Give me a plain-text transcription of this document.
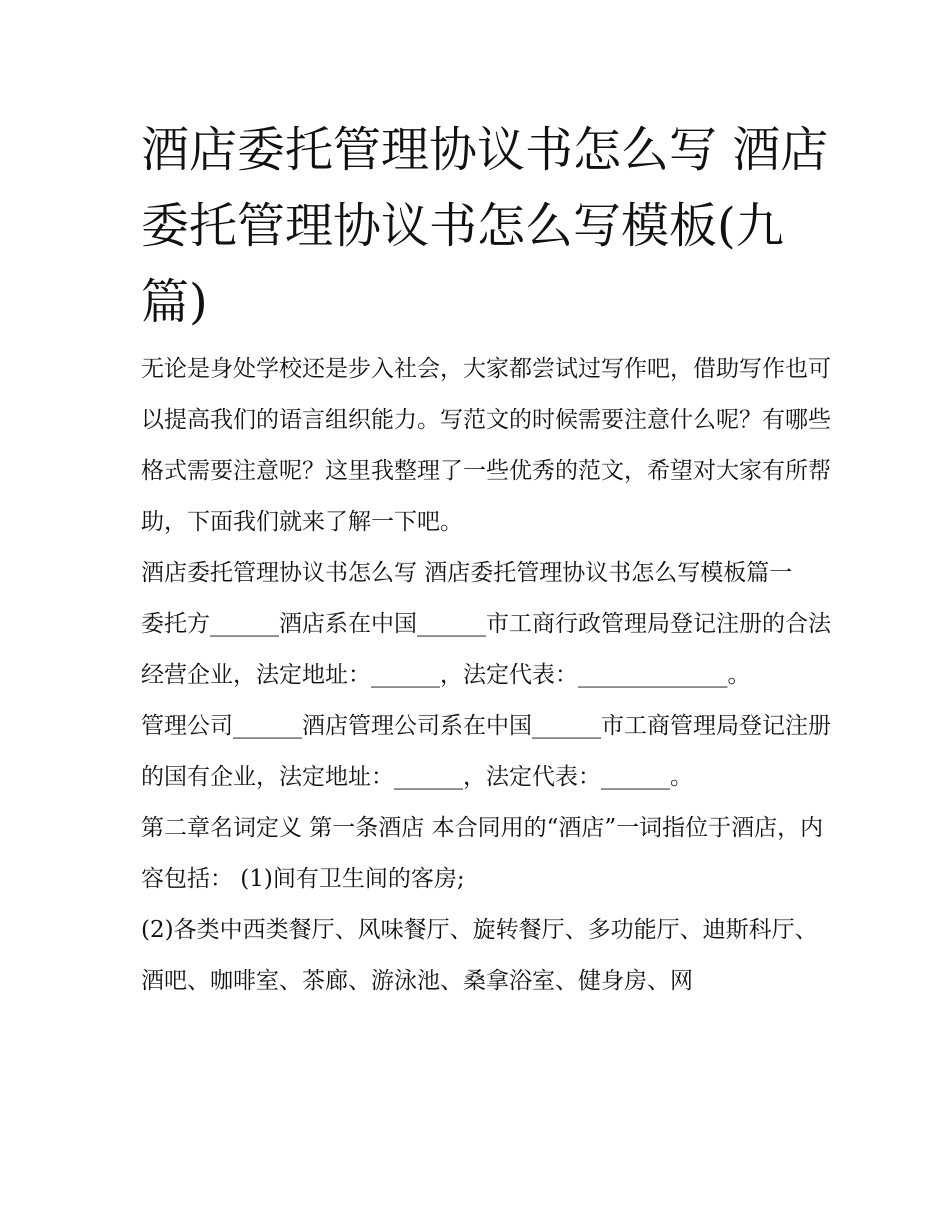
酒店委托管理协议书怎么写 酒店委托管理协议书怎么写模板(九篇)

无论是身处学校还是步入社会，大家都尝试过写作吧，借助写作也可以提高我们的语言组织能力。写范文的时候需要注意什么呢？有哪些格式需要注意呢？这里我整理了一些优秀的范文，希望对大家有所帮助，下面我们就来了解一下吧。

酒店委托管理协议书怎么写 酒店委托管理协议书怎么写模板篇一

委托方______酒店系在中国______市工商行政管理局登记注册的合法经营企业，法定地址：______，法定代表：_____________。

管理公司______酒店管理公司系在中国______市工商管理局登记注册的国有企业，法定地址：______，法定代表：______。

第二章名词定义 第一条酒店 本合同用的“酒店”一词指位于酒店，内容包括： (1)间有卫生间的客房;

(2)各类中西类餐厅、风味餐厅、旋转餐厅、多功能厅、迪斯科厅、酒吧、咖啡室、茶廊、游泳池、桑拿浴室、健身房、网
